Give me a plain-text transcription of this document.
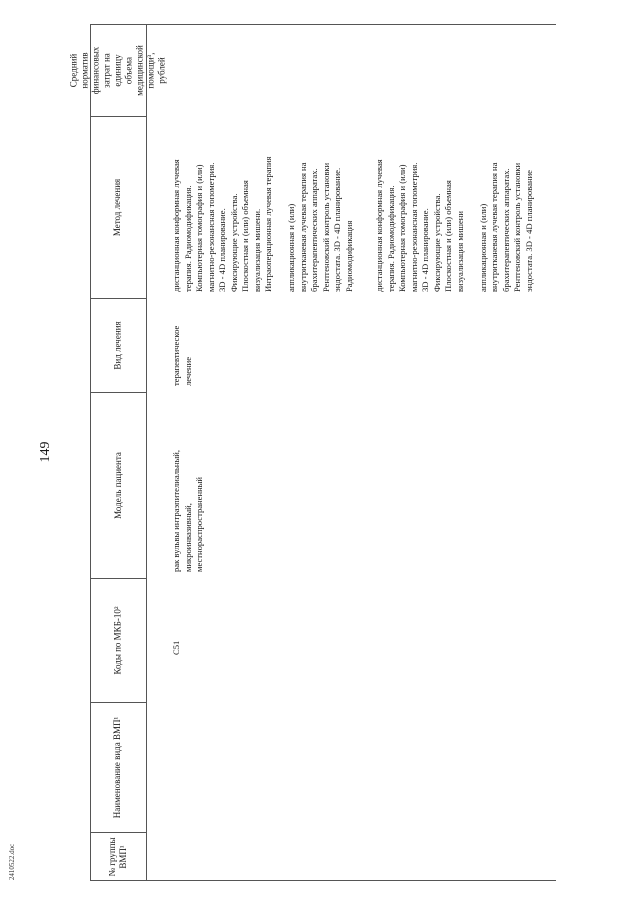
149
2410522.doc
Средний норматив финансовых затрат на единицу объема медицинской помощи³, рублей
Метод лечения
Вид лечения
Модель пациента
Коды по МКБ-10²
Наименование вида ВМП¹
№ группы ВМП¹
C51
рак вульвы интраэпителиальный, микроинвазивный, местнораспространенный
терапевтическое лечение
дистанционная конформная лучевая терапия. Радиомодификация. Компьютерная томография и (или) магнитно-резонансная топометрия. 3D - 4D планирование. Фиксирующие устройства. Плоскостная и (или) объемная визуализация мишени. Интраоперационная лучевая терапия аппликационная и (или) внутритканевая лучевая терапия на брахитерапевтических аппаратах. Рентгеновский контроль установки эндостата. 3D - 4D планирование. Радиомодификация дистанционная конформная лучевая терапия. Радиомодификация. Компьютерная томография и (или) магнитно-резонансная топометрия. 3D - 4D планирование. Фиксирующие устройства. Плоскостная и (или) объемная визуализация мишени аппликационная и (или) внутритканевая лучевая терапия на брахитерапевтических аппаратах. Рентгеновский контроль установки эндостата. 3D - 4D планирование
